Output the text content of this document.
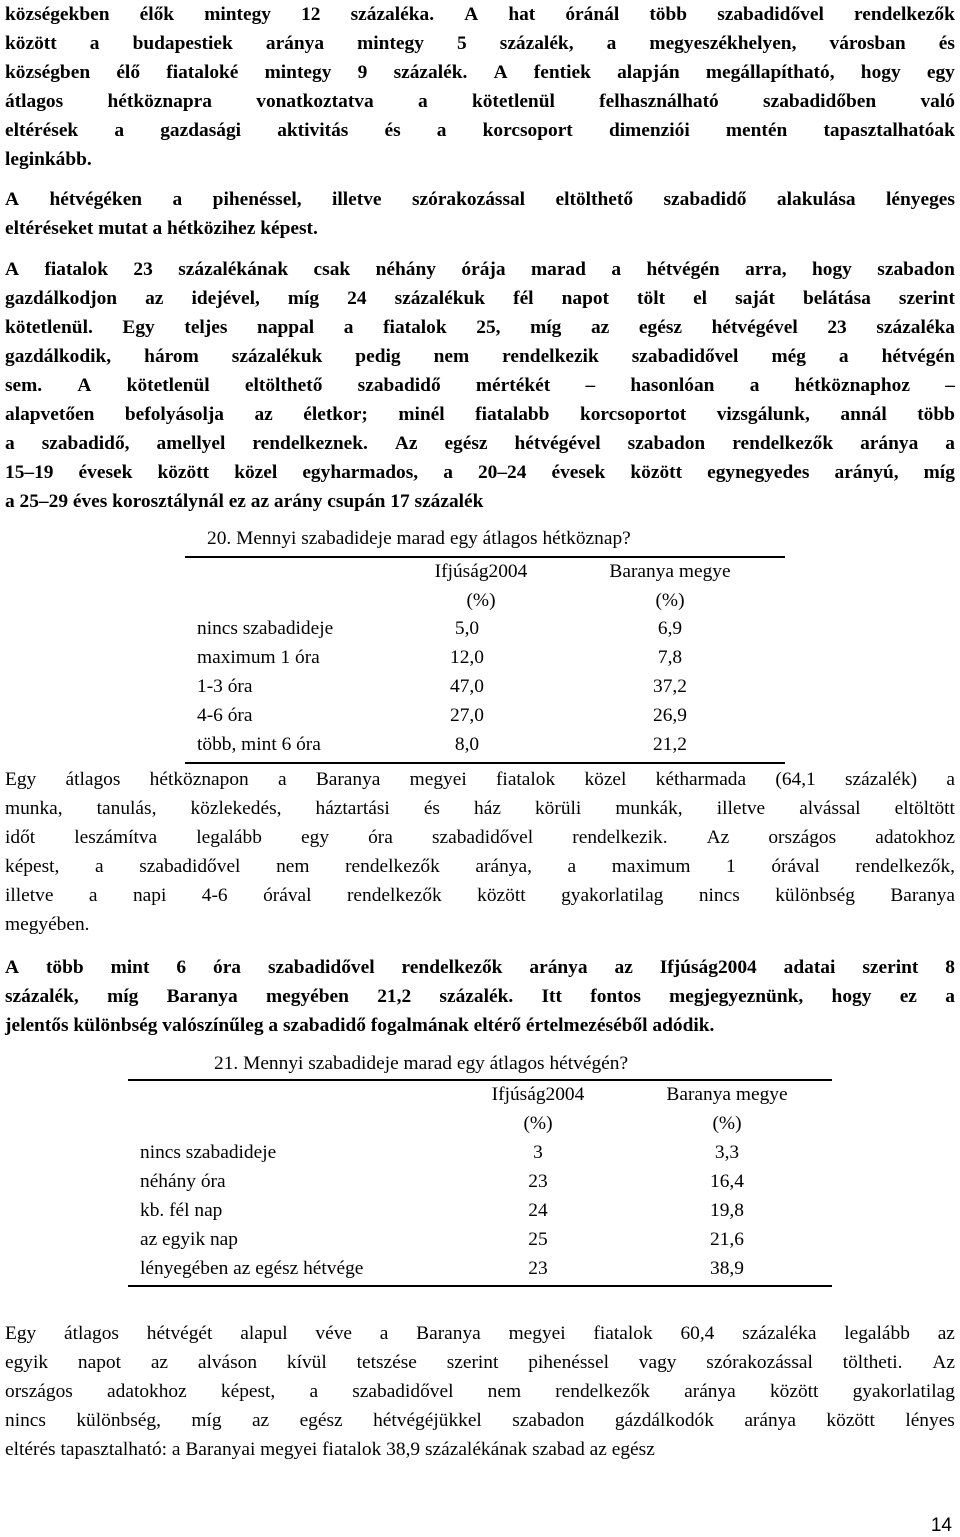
községekben élők mintegy 12 százaléka. A hat óránál több szabadidővel rendelkezők
között a budapestiek aránya mintegy 5 százalék, a megyeszékhelyen, városban és
községben élő fiataloké mintegy 9 százalék. A fentiek alapján megállapítható, hogy egy
átlagos hétköznapra vonatkoztatva a kötetlenül felhasználható szabadidőben való
eltérések a gazdasági aktivitás és a korcsoport dimenziói mentén tapasztalhatóak
leginkább.
A hétvégéken a pihenéssel, illetve szórakozással eltölthető szabadidő alakulása lényeges
eltéréseket mutat a hétközihez képest.
A fiatalok 23 százalékának csak néhány órája marad a hétvégén arra, hogy szabadon
gazdálkodjon az idejével, míg 24 százalékuk fél napot tölt el saját belátása szerint
kötetlenül. Egy teljes nappal a fiatalok 25, míg az egész hétvégével 23 százaléka
gazdálkodik, három százalékuk pedig nem rendelkezik szabadidővel még a hétvégén
sem. A kötetlenül eltölthető szabadidő mértékét – hasonlóan a hétköznaphoz –
alapvetően befolyásolja az életkor; minél fiatalabb korcsoportot vizsgálunk, annál több
a szabadidő, amellyel rendelkeznek. Az egész hétvégével szabadon rendelkezők aránya a
15–19 évesek között közel egyharmados, a 20–24 évesek között egynegyedes arányú, míg
a 25–29 éves korosztálynál ez az arány csupán 17 százalék
20. Mennyi szabadideje marad egy átlagos hétköznap?
Ifjúság2004
(%)
Baranya megye
(%)
nincs szabadideje	5,0	6,9
maximum 1 óra	12,0	7,8
1-3 óra	47,0	37,2
4-6 óra	27,0	26,9
több, mint 6 óra	8,0	21,2
Egy átlagos hétköznapon a Baranya megyei fiatalok közel kétharmada (64,1 százalék) a
munka, tanulás, közlekedés, háztartási és ház körüli munkák, illetve alvással eltöltött
időt leszámítva legalább egy óra szabadidővel rendelkezik. Az országos adatokhoz
képest, a szabadidővel nem rendelkezők aránya, a maximum 1 órával rendelkezők,
illetve a napi 4-6 órával rendelkezők között gyakorlatilag nincs különbség Baranya
megyében.
A több mint 6 óra szabadidővel rendelkezők aránya az Ifjúság2004 adatai szerint 8
százalék, míg Baranya megyében 21,2 százalék. Itt fontos megjegyeznünk, hogy ez a
jelentős különbség valószínűleg a szabadidő fogalmának eltérő értelmezéséből adódik.
21. Mennyi szabadideje marad egy átlagos hétvégén?
Ifjúság2004
(%)
Baranya megye
(%)
nincs szabadideje	3	3,3
néhány óra	23	16,4
kb. fél nap	24	19,8
az egyik nap	25	21,6
lényegében az egész hétvége	23	38,9
Egy átlagos hétvégét alapul véve a Baranya megyei fiatalok 60,4 százaléka legalább az
egyik napot az alváson kívül tetszése szerint pihenéssel vagy szórakozással töltheti. Az
országos adatokhoz képest, a szabadidővel nem rendelkezők aránya között gyakorlatilag
nincs különbség, míg az egész hétvégéjükkel szabadon gázdálkodók aránya között lényes
eltérés tapasztalható: a Baranyai megyei fiatalok 38,9 százalékának szabad az egész
14
